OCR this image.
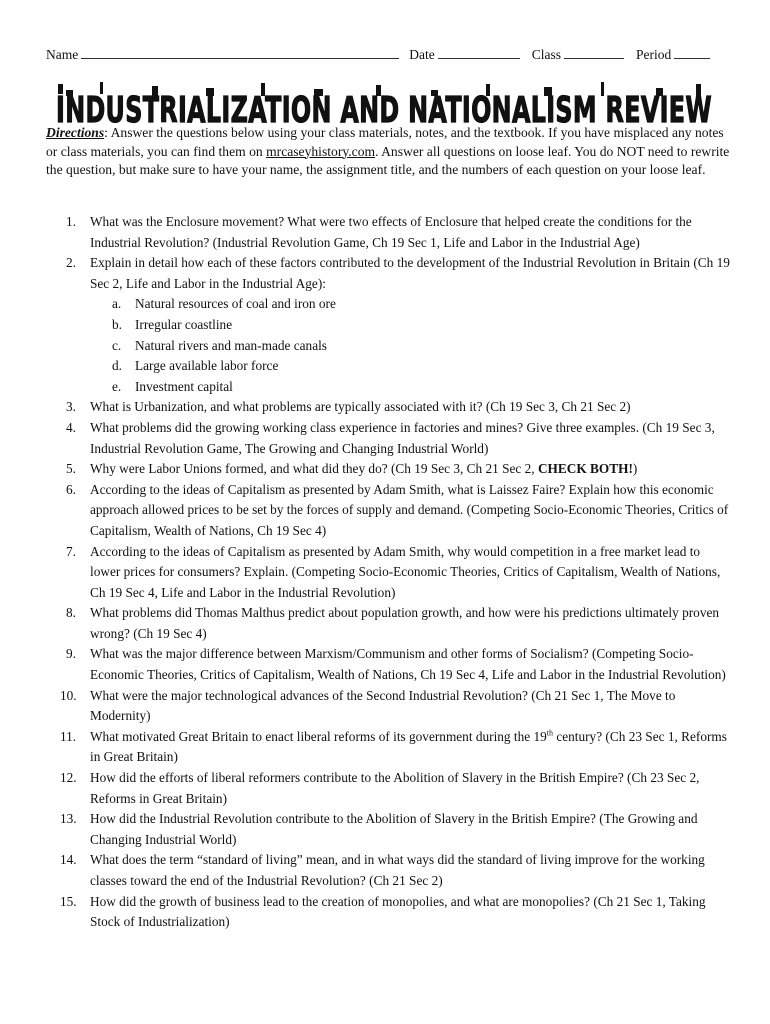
Name	Date	Class	Period
INDUSTRIALIZATION AND NATIONALISM REVIEW
Directions: Answer the questions below using your class materials, notes, and the textbook. If you have misplaced any notes or class materials, you can find them on mrcaseyhistory.com. Answer all questions on loose leaf. You do NOT need to rewrite the question, but make sure to have your name, the assignment title, and the numbers of each question on your loose leaf.
1. What was the Enclosure movement? What were two effects of Enclosure that helped create the conditions for the Industrial Revolution? (Industrial Revolution Game, Ch 19 Sec 1, Life and Labor in the Industrial Age)
2. Explain in detail how each of these factors contributed to the development of the Industrial Revolution in Britain (Ch 19 Sec 2, Life and Labor in the Industrial Age):
a. Natural resources of coal and iron ore
b. Irregular coastline
c. Natural rivers and man-made canals
d. Large available labor force
e. Investment capital
3. What is Urbanization, and what problems are typically associated with it? (Ch 19 Sec 3, Ch 21 Sec 2)
4. What problems did the growing working class experience in factories and mines? Give three examples. (Ch 19 Sec 3, Industrial Revolution Game, The Growing and Changing Industrial World)
5. Why were Labor Unions formed, and what did they do? (Ch 19 Sec 3, Ch 21 Sec 2, CHECK BOTH!)
6. According to the ideas of Capitalism as presented by Adam Smith, what is Laissez Faire? Explain how this economic approach allowed prices to be set by the forces of supply and demand. (Competing Socio-Economic Theories, Critics of Capitalism, Wealth of Nations, Ch 19 Sec 4)
7. According to the ideas of Capitalism as presented by Adam Smith, why would competition in a free market lead to lower prices for consumers? Explain. (Competing Socio-Economic Theories, Critics of Capitalism, Wealth of Nations, Ch 19 Sec 4, Life and Labor in the Industrial Revolution)
8. What problems did Thomas Malthus predict about population growth, and how were his predictions ultimately proven wrong? (Ch 19 Sec 4)
9. What was the major difference between Marxism/Communism and other forms of Socialism? (Competing Socio-Economic Theories, Critics of Capitalism, Wealth of Nations, Ch 19 Sec 4, Life and Labor in the Industrial Revolution)
10. What were the major technological advances of the Second Industrial Revolution? (Ch 21 Sec 1, The Move to Modernity)
11. What motivated Great Britain to enact liberal reforms of its government during the 19th century? (Ch 23 Sec 1, Reforms in Great Britain)
12. How did the efforts of liberal reformers contribute to the Abolition of Slavery in the British Empire? (Ch 23 Sec 2, Reforms in Great Britain)
13. How did the Industrial Revolution contribute to the Abolition of Slavery in the British Empire? (The Growing and Changing Industrial World)
14. What does the term “standard of living” mean, and in what ways did the standard of living improve for the working classes toward the end of the Industrial Revolution? (Ch 21 Sec 2)
15. How did the growth of business lead to the creation of monopolies, and what are monopolies? (Ch 21 Sec 1, Taking Stock of Industrialization)
